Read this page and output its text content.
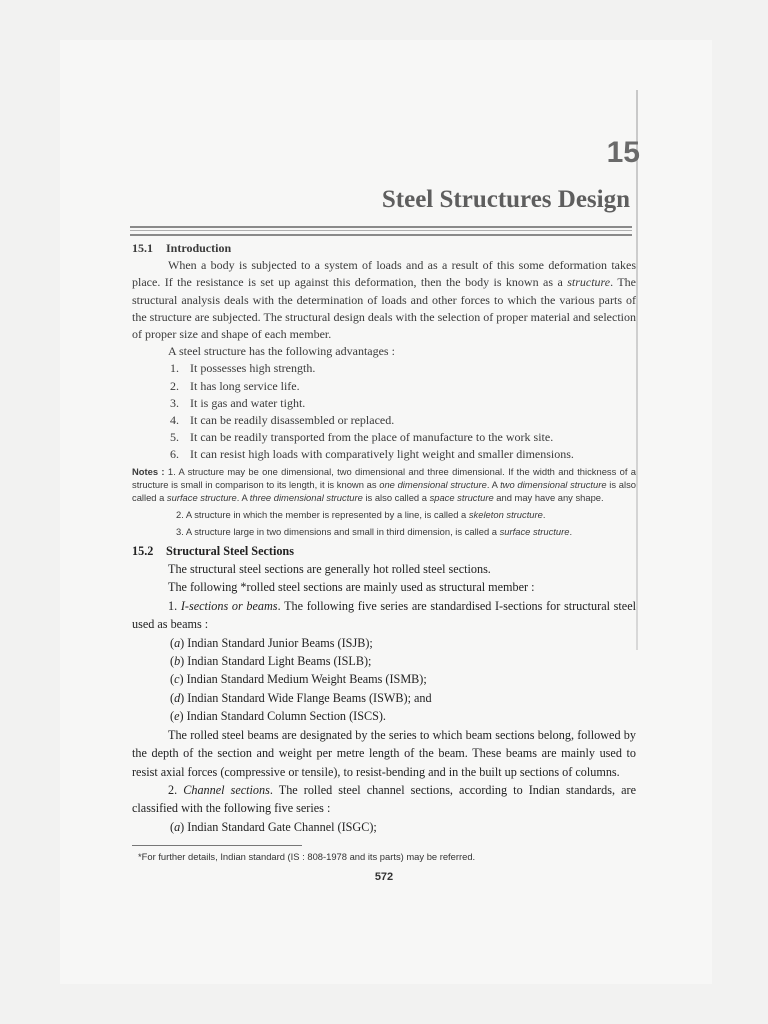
15
Steel Structures Design

15.1 Introduction

When a body is subjected to a system of loads and as a result of this some deformation takes place. If the resistance is set up against this deformation, then the body is known as a structure. The structural analysis deals with the determination of loads and other forces to which the various parts of the structure are subjected. The structural design deals with the selection of proper material and selection of proper size and shape of each member.

A steel structure has the following advantages :

1. It possesses high strength.
2. It has long service life.
3. It is gas and water tight.
4. It can be readily disassembled or replaced.
5. It can be readily transported from the place of manufacture to the work site.
6. It can resist high loads with comparatively light weight and smaller dimensions.

Notes : 1. A structure may be one dimensional, two dimensional and three dimensional. If the width and thickness of a structure is small in comparison to its length, it is known as one dimensional structure. A two dimensional structure is also called a surface structure. A three dimensional structure is also called a space structure and may have any shape.

2. A structure in which the member is represented by a line, is called a skeleton structure.

3. A structure large in two dimensions and small in third dimension, is called a surface structure.

15.2 Structural Steel Sections

The structural steel sections are generally hot rolled steel sections.

The following *rolled steel sections are mainly used as structural member :

1. I-sections or beams. The following five series are standardised I-sections for structural steel used as beams :

(a) Indian Standard Junior Beams (ISJB);
(b) Indian Standard Light Beams (ISLB);
(c) Indian Standard Medium Weight Beams (ISMB);
(d) Indian Standard Wide Flange Beams (ISWB); and
(e) Indian Standard Column Section (ISCS).

The rolled steel beams are designated by the series to which beam sections belong, followed by the depth of the section and weight per metre length of the beam. These beams are mainly used to resist axial forces (compressive or tensile), to resist-bending and in the built up sections of columns.

2. Channel sections. The rolled steel channel sections, according to Indian standards, are classified with the following five series :

(a) Indian Standard Gate Channel (ISGC);
*For further details, Indian standard (IS : 808-1978 and its parts) may be referred.
572
